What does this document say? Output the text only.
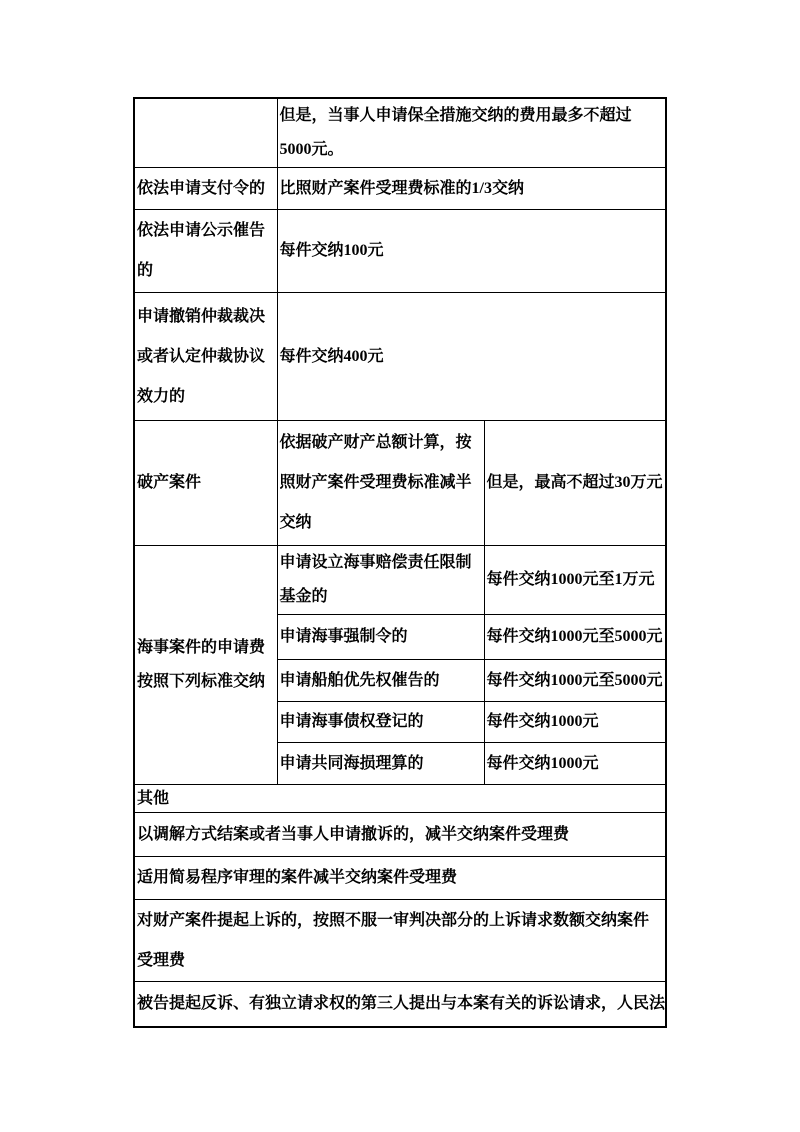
	但是，当事人申请保全措施交纳的费用最多不超过5000元。	
依法申请支付令的	比照财产案件受理费标准的1/3交纳	
依法申请公示催告的	每件交纳100元	
申请撤销仲裁裁决或者认定仲裁协议效力的	每件交纳400元	
破产案件	依据破产财产总额计算，按照财产案件受理费标准减半交纳	但是，最高不超过30万元
海事案件的申请费按照下列标准交纳	申请设立海事赔偿责任限制基金的	每件交纳1000元至1万元
	申请海事强制令的	每件交纳1000元至5000元
	申请船舶优先权催告的	每件交纳1000元至5000元
	申请海事债权登记的	每件交纳1000元
	申请共同海损理算的	每件交纳1000元
其他		
以调解方式结案或者当事人申请撤诉的，减半交纳案件受理费		
适用简易程序审理的案件减半交纳案件受理费		
对财产案件提起上诉的，按照不服一审判决部分的上诉请求数额交纳案件受理费		
被告提起反诉、有独立请求权的第三人提出与本案有关的诉讼请求，人民法		
